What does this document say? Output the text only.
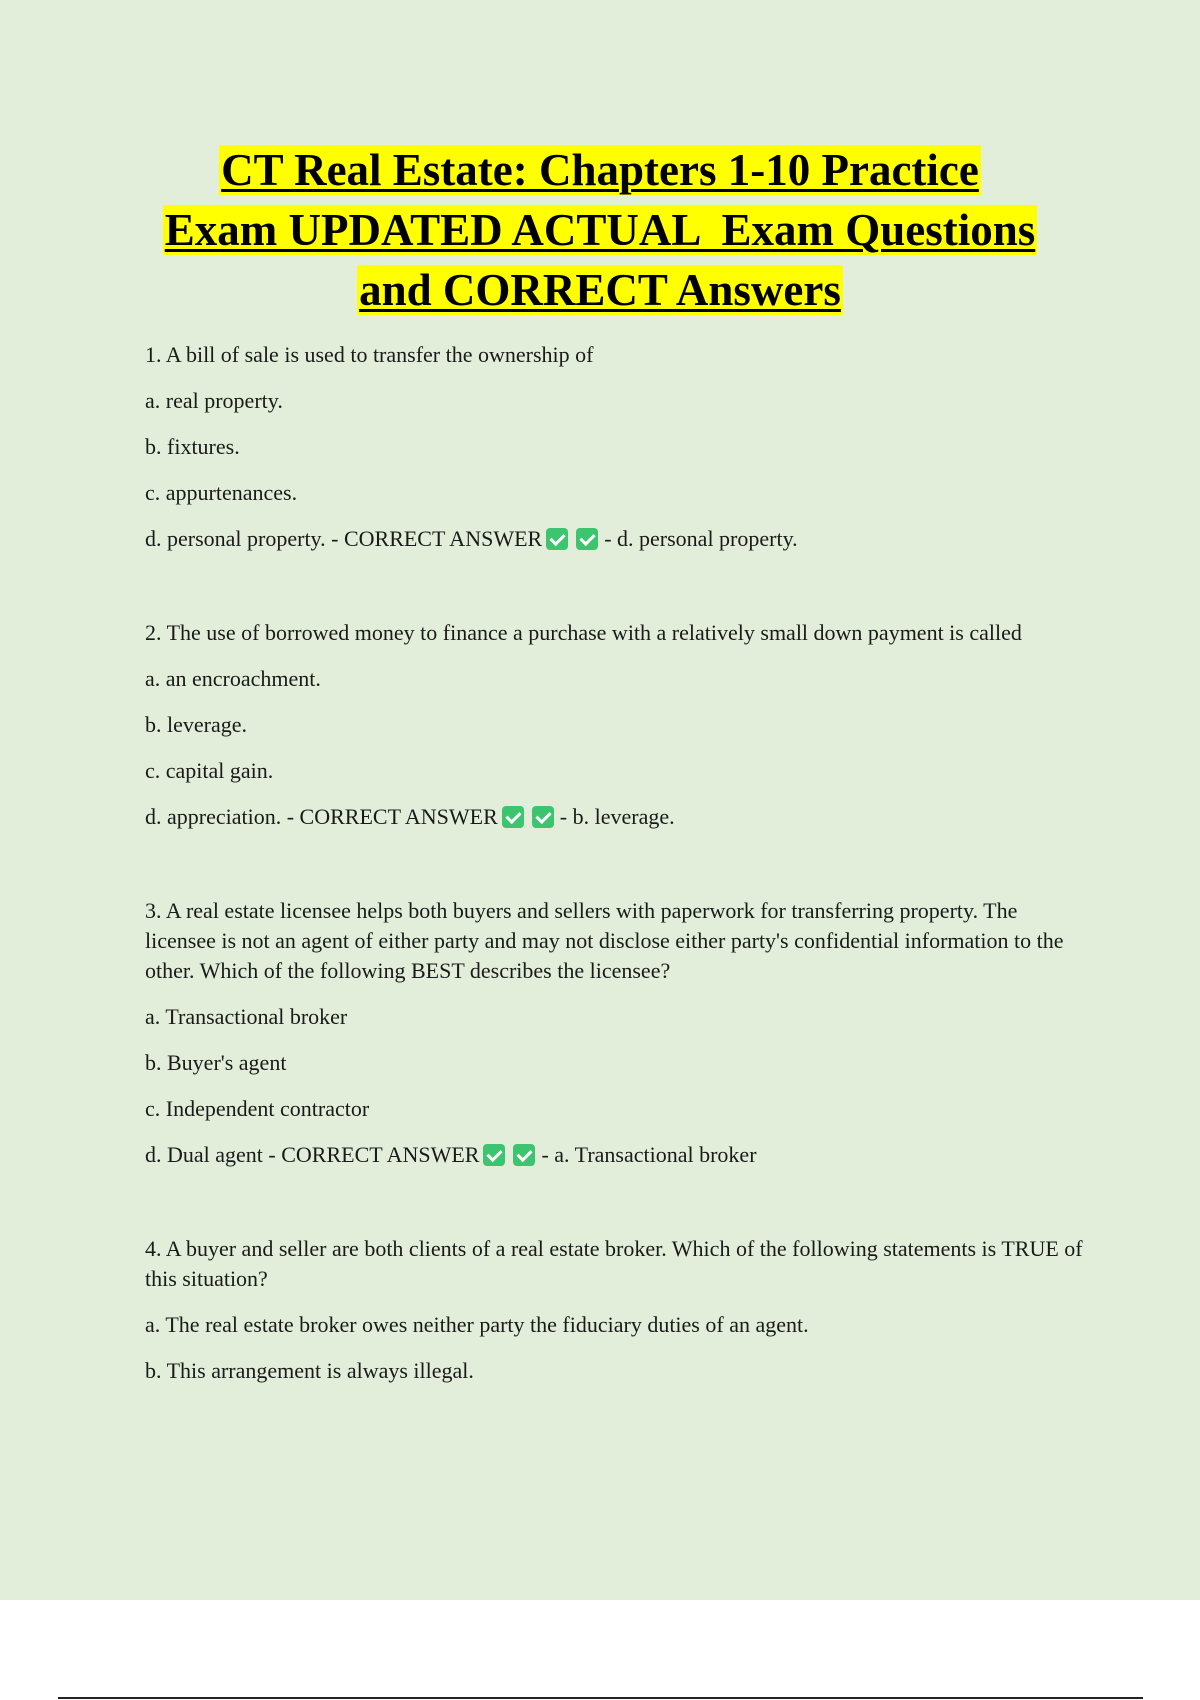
CT Real Estate: Chapters 1-10 Practice
Exam UPDATED ACTUAL  Exam Questions
and CORRECT Answers
1. A bill of sale is used to transfer the ownership of
a. real property.
b. fixtures.
c. appurtenances.
d. personal property. - CORRECT ANSWER	- d. personal property.
2. The use of borrowed money to finance a purchase with a relatively small down payment is called
a. an encroachment.
b. leverage.
c. capital gain.
d. appreciation. - CORRECT ANSWER	- b. leverage.
3. A real estate licensee helps both buyers and sellers with paperwork for transferring property. The licensee is not an agent of either party and may not disclose either party's confidential information to the other. Which of the following BEST describes the licensee?
a. Transactional broker
b. Buyer's agent
c. Independent contractor
d. Dual agent - CORRECT ANSWER	- a. Transactional broker
4. A buyer and seller are both clients of a real estate broker. Which of the following statements is TRUE of this situation?
a. The real estate broker owes neither party the fiduciary duties of an agent.
b. This arrangement is always illegal.
